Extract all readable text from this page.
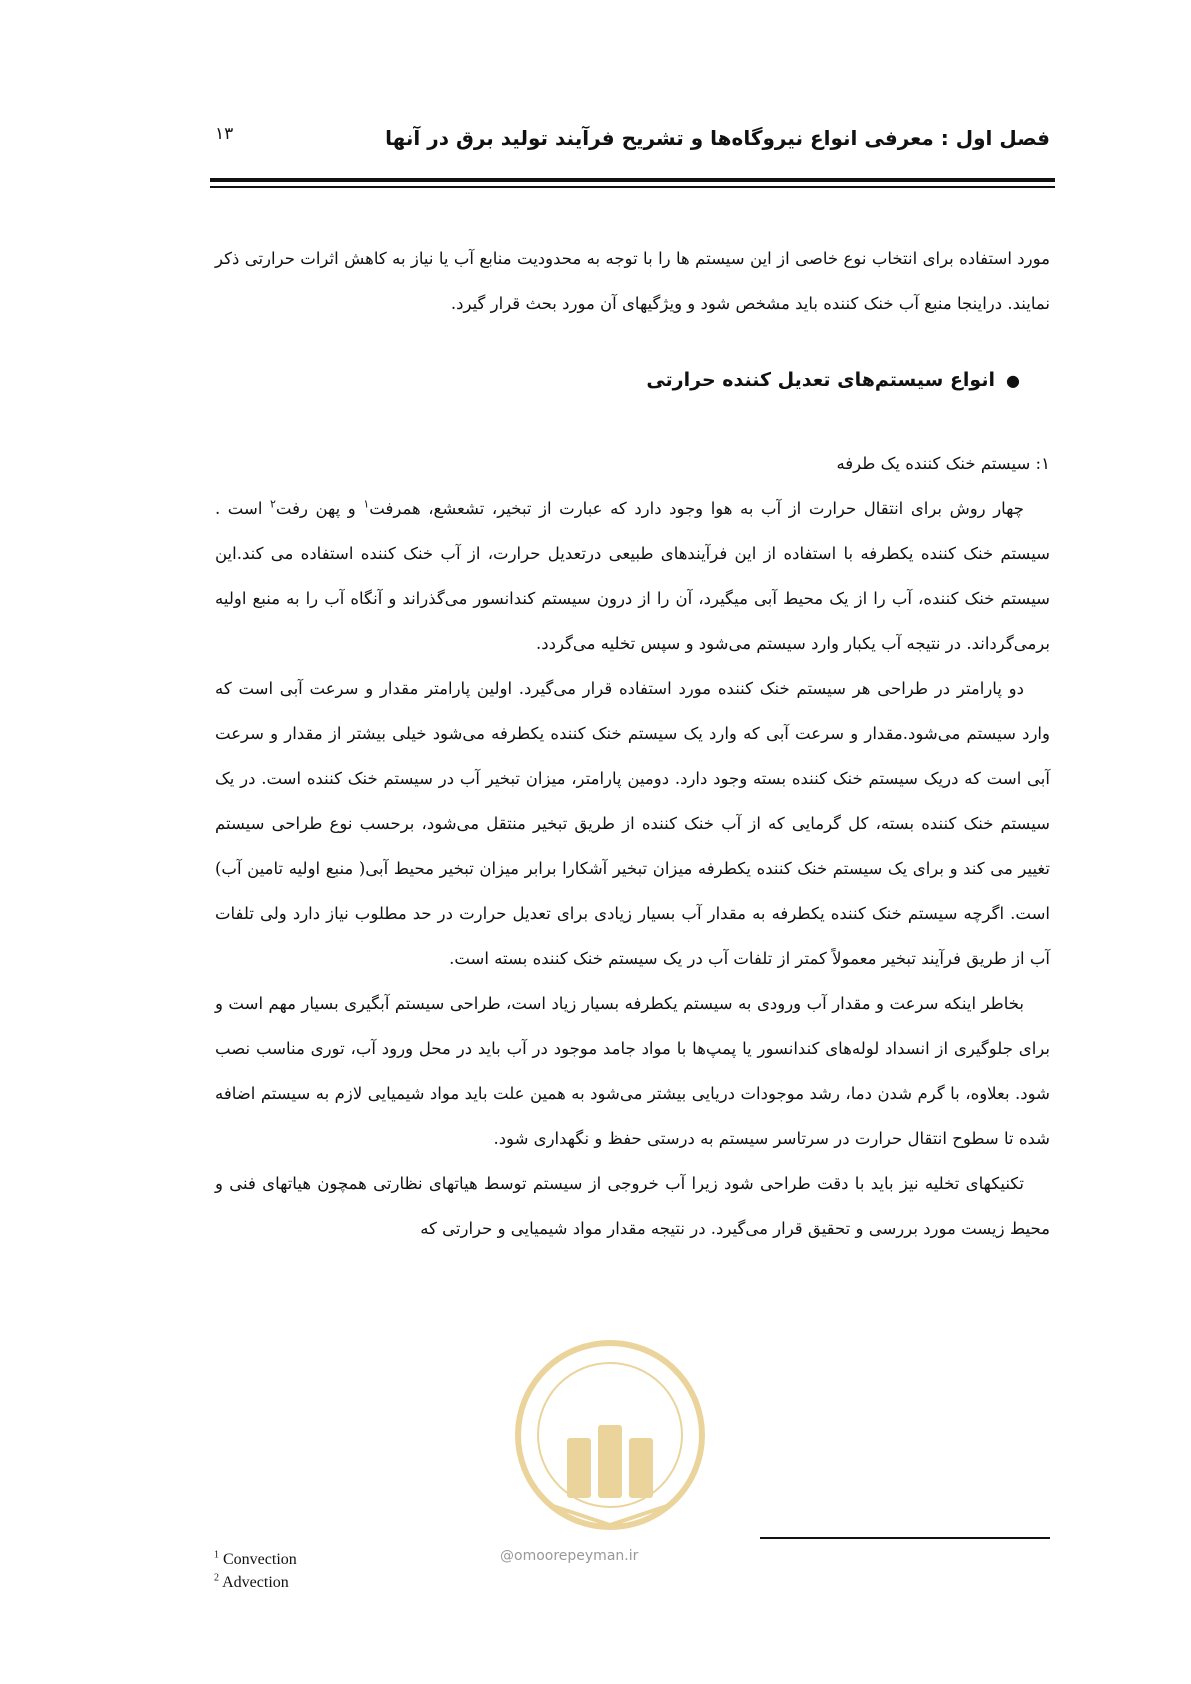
فصل اول : معرفی انواع نیروگاه‌ها و تشریح فرآیند تولید برق در آنها
۱۳

مورد استفاده برای انتخاب نوع خاصی از این سیستم ها را با توجه به محدودیت منابع آب یا نیاز به کاهش اثرات حرارتی ذکر نمایند. دراینجا منبع آب خنک کننده باید مشخص شود و ویژگیهای آن مورد بحث قرار گیرد.

●
انواع سیستم‌های تعدیل کننده حرارتی

۱: سیستم خنک کننده یک طرفه

چهار روش برای انتقال حرارت از آب به هوا وجود دارد که عبارت از تبخیر، تشعشع، همرفت$^۱$ و پهن رفت$^۲$ است . سیستم خنک کننده یکطرفه با استفاده از این فرآیندهای طبیعی درتعدیل حرارت، از آب خنک کننده استفاده می کند.این سیستم خنک کننده، آب را از یک محیط آبی میگیرد، آن را از درون سیستم کندانسور می‌گذراند و آنگاه آب را به منبع اولیه برمی‌گرداند. در نتیجه آب یکبار وارد سیستم می‌شود و سپس تخلیه می‌گردد.

دو پارامتر در طراحی هر سیستم خنک کننده مورد استفاده قرار می‌گیرد. اولین پارامتر مقدار و سرعت آبی است که وارد سیستم می‌شود.مقدار و سرعت آبی که وارد یک سیستم خنک کننده یکطرفه می‌شود خیلی بیشتر از مقدار و سرعت آبی است که دریک سیستم خنک کننده بسته وجود دارد. دومین پارامتر، میزان تبخیر آب در سیستم خنک کننده است. در یک سیستم خنک کننده بسته، کل گرمایی که از آب خنک کننده از طریق تبخیر منتقل می‌شود، برحسب نوع طراحی سیستم تغییر می کند و برای یک سیستم خنک کننده یکطرفه میزان تبخیر آشکارا برابر میزان تبخیر محیط آبی( منبع اولیه تامین آب) است. اگرچه سیستم خنک کننده یکطرفه به مقدار آب بسیار زیادی برای تعدیل حرارت در حد مطلوب نیاز دارد ولی تلفات آب از طریق فرآیند تبخیر معمولاً کمتر از تلفات آب در یک سیستم خنک کننده بسته است.

بخاطر اینکه سرعت و مقدار آب ورودی به سیستم یکطرفه بسیار زیاد است، طراحی سیستم آبگیری بسیار مهم است و برای جلوگیری از انسداد لوله‌های کندانسور یا پمپ‌ها با مواد جامد موجود در آب باید در محل ورود آب، توری مناسب نصب شود. بعلاوه، با گرم شدن دما، رشد موجودات دریایی بیشتر می‌شود به همین علت باید مواد شیمیایی لازم به سیستم اضافه شده تا سطوح انتقال حرارت در سرتاسر سیستم به درستی حفظ و نگهداری شود.

تکنیکهای تخلیه نیز باید با دقت طراحی شود زیرا آب خروجی از سیستم توسط هیاتهای نظارتی همچون هیاتهای فنی و محیط زیست مورد بررسی و تحقیق قرار می‌گیرد. در نتیجه مقدار مواد شیمیایی و حرارتی که

@omoorepeyman.ir
$^1$ Convection
$^2$ Advection
